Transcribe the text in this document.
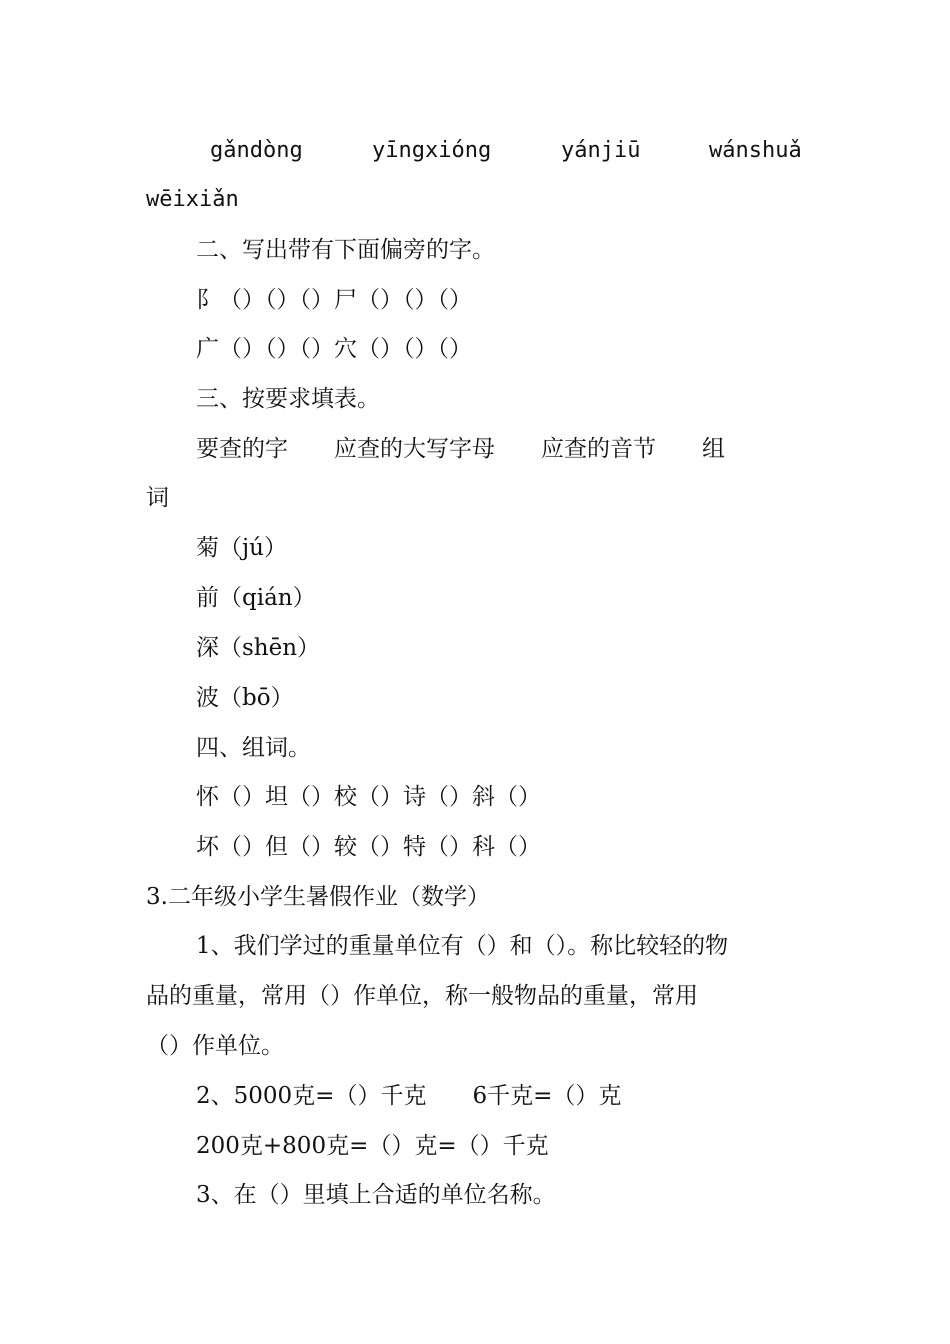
gǎndòng

	yīngxióng

	yánjiū

	wánshuǎ

wēixiǎn
二、写出带有下面偏旁的字。
阝（）（）（）尸（）（）（）
广（）（）（）穴（）（）（）
三、按要求填表。
要查的字　　应查的大写字母　　应查的音节　　组
词
菊（jú）
前（qián）
深（shēn）
波（bō）
四、组词。
怀（）坦（）校（）诗（）斜（）
坏（）但（）较（）特（）科（）
3.二年级小学生暑假作业（数学）
1、我们学过的重量单位有（）和（）。称比较轻的物
品的重量，常用（）作单位，称一般物品的重量，常用
（）作单位。
2、5000克=（）千克　　6千克=（）克
200克+800克=（）克=（）千克
3、在（）里填上合适的单位名称。
